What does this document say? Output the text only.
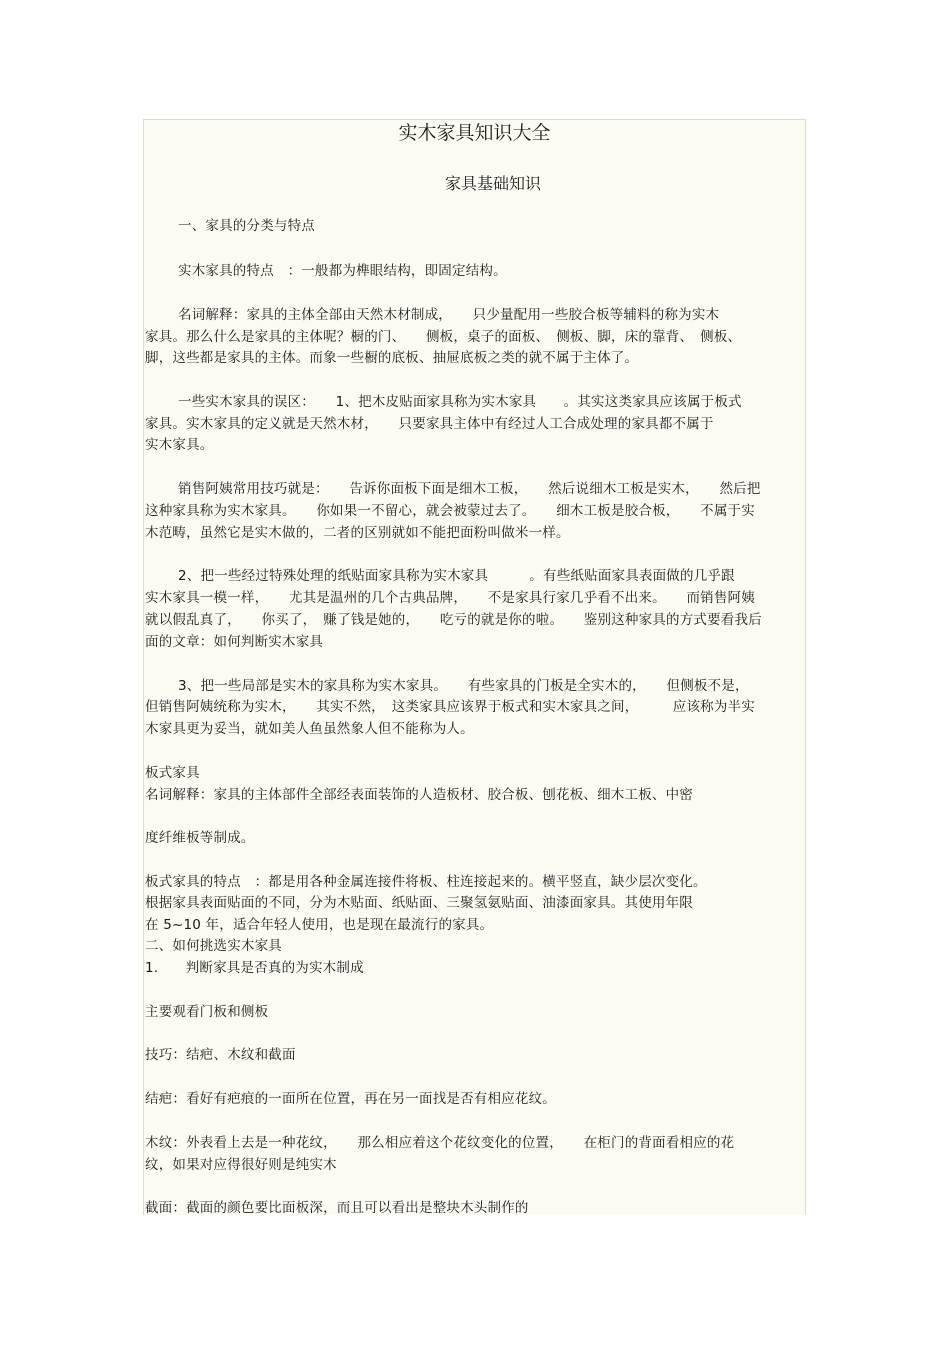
实木家具知识大全
家具基础知识
一、家具的分类与特点
实木家具的特点　：一般都为榫眼结构，即固定结构。
名词解释：家具的主体全部由天然木材制成，　　只少量配用一些胶合板等辅料的称为实木
家具。那么什么是家具的主体呢？橱的门、　　侧板，桌子的面板、　侧板、脚，床的靠背、　侧板、
脚，这些都是家具的主体。而象一些橱的底板、抽屉底板之类的就不属于主体了。
一些实木家具的误区：　　1、把木皮贴面家具称为实木家具　　。其实这类家具应该属于板式
家具。实木家具的定义就是天然木材，　　只要家具主体中有经过人工合成处理的家具都不属于
实木家具。
销售阿姨常用技巧就是：　　告诉你面板下面是细木工板，　　然后说细木工板是实木，　　然后把
这种家具称为实木家具。　　你如果一不留心，就会被蒙过去了。　　细木工板是胶合板，　　不属于实
木范畴，虽然它是实木做的，二者的区别就如不能把面粉叫做米一样。
2、把一些经过特殊处理的纸贴面家具称为实木家具　　　。有些纸贴面家具表面做的几乎跟
实木家具一模一样，　　尤其是温州的几个古典品牌，　　不是家具行家几乎看不出来。　　而销售阿姨
就以假乱真了，　　你买了，　赚了钱是她的，　　吃亏的就是你的啦。　　鉴别这种家具的方式要看我后
面的文章：如何判断实木家具
3、把一些局部是实木的家具称为实木家具。　　有些家具的门板是全实木的，　　但侧板不是，
但销售阿姨统称为实木，　　其实不然，　这类家具应该界于板式和实木家具之间，　　　应该称为半实
木家具更为妥当，就如美人鱼虽然象人但不能称为人。
板式家具
名词解释：家具的主体部件全部经表面装饰的人造板材、胶合板、刨花板、细木工板、中密
度纤维板等制成。
板式家具的特点　：都是用各种金属连接件将板、柱连接起来的。横平竖直，缺少层次变化。
根据家具表面贴面的不同，分为木贴面、纸贴面、三聚氢氨贴面、油漆面家具。其使用年限
在 5~10 年，适合年轻人使用，也是现在最流行的家具。
二、如何挑选实木家具
1.　　判断家具是否真的为实木制成
主要观看门板和侧板
技巧：结疤、木纹和截面
结疤：看好有疤痕的一面所在位置，再在另一面找是否有相应花纹。
木纹：外表看上去是一种花纹，　　那么相应着这个花纹变化的位置，　　在柜门的背面看相应的花
纹，如果对应得很好则是纯实木
截面：截面的颜色要比面板深，而且可以看出是整块木头制作的
